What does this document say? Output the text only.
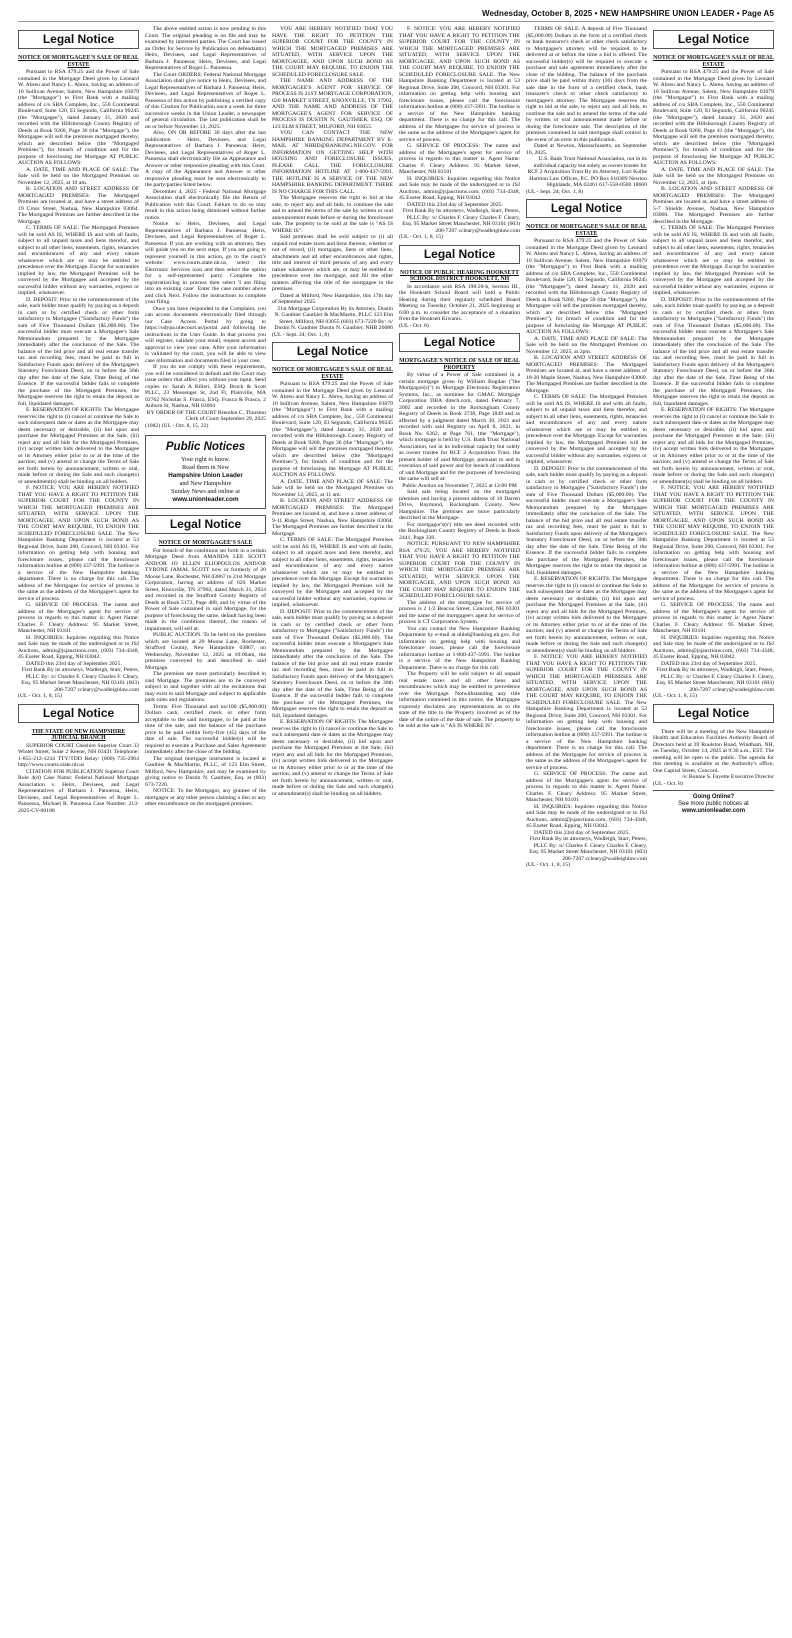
Wednesday, October 8, 2025 • NEW HAMPSHIRE UNION LEADER • Page A5
Legal Notice

NOTICE OF MORTGAGEE'S SALE OF REAL ESTATE

Pursuant to RSA 479:25 and the Power of Sale contained in the Mortgage Deed given by Leonard W. Abreu and Nancy L. Abreu, having an address of 10 Sullivan Avenue, Salem, New Hampshire 03079 (the "Mortgagor") to First Bank with a mailing address of c/o SBA Complete, Inc., 550 Continental Boulevard, Suite 120, El Segundo, California 90245 (the "Mortgagee"), dated January 31, 2020 and recorded with the Hillsborough County Registry of Deeds at Book 9260, Page 36 (the "Mortgage"), the Mortgagee will sell the premises mortgaged thereby, which are described below (the "Mortgaged Premises"), for breach of condition and for the purpose of foreclosing the Mortgage AT PUBLIC AUCTION AS FOLLOWS:

A. DATE, TIME AND PLACE OF SALE: The Sale will be held on the Mortgaged Premises on November 12, 2025, at 10 am.

B. LOCATION AND STREET ADDRESS OF MORTGAGED PREMISES: The Mortgaged Premises are located at, and have a street address of 19 Cross Street, Nashua, New Hampshire 03064. The Mortgaged Premises are further described in the Mortgage.

C. TERMS OF SALE: The Mortgaged Premises will be sold AS IS, WHERE IS and with all faults, subject to all unpaid taxes and liens therefor, and subject to all other liens, easements, rights, tenancies and encumbrances of any and every nature whatsoever which are or may be entitled to precedence over the Mortgage. Except for warranties implied by law, the Mortgaged Premises will be conveyed by the Mortgagee and accepted by the successful bidder without any warranties, express or implied, whatsoever.

D. DEPOSIT: Prior to the commencement of the sale, each bidder must qualify by paying as a deposit in cash or by certified check or other form satisfactory to Mortgagee ("Satisfactory Funds") the sum of Five Thousand Dollars ($5,000.00). The successful bidder must execute a Mortgagee's Sale Memorandum prepared by the Mortgagee immediately after the conclusion of the Sale. The balance of the bid price and all real estate transfer tax and recording fees, must be paid in full in Satisfactory Funds upon delivery of the Mortgagee's Statutory Foreclosure Deed, on or before the 30th day after the date of the Sale, Time Being of the Essence. If the successful bidder fails to complete the purchase of the Mortgaged Premises, the Mortgagee reserves the right to retain the deposit as full, liquidated damages.

E. RESERVATION OF RIGHTS: The Mortgagee reserves the right to (i) cancel or continue the Sale to such subsequent date or dates as the Mortgagee may deem necessary or desirable, (ii) bid upon and purchase the Mortgaged Premises at the Sale, (iii) reject any and all bids for the Mortgaged Premises, (iv) accept written bids delivered to the Mortgagee or its Attorney either prior to or at the time of the auction; and (v) amend or change the Terms of Sale set forth herein by announcement, written or oral, made before or during the Sale and such change(s) or amendment(s) shall be binding on all bidders.

F. NOTICE: YOU ARE HEREBY NOTIFIED THAT YOU HAVE A RIGHT TO PETITION THE SUPERIOR COURT FOR THE COUNTY IN WHICH THE MORTGAGED PREMISES ARE SITUATED, WITH SERVICE UPON THE MORTGAGEE, AND UPON SUCH BOND AS THE COURT MAY REQUIRE, TO ENJOIN THE SCHEDULED FORECLOSURE SALE. The New Hampshire Banking Department is located at 53 Regional Drive, Suite 200, Concord, NH 03301. For information on getting help with housing and foreclosure issues, please call the foreclosure information hotline at (800) 437-5991. The hotline is a service of the New Hampshire banking department. There is no charge for this call. The address of the Mortgagee for service of process is the same as the address of the Mortgagee's agent for service of process.

G. SERVICE OF PROCESS: The name and address of the Mortgagee's agent for service of process in regards to this matter is: Agent Name: Charles F. Cleary Address: 95 Market Street, Manchester, NH 03101

H. INQUIRIES: Inquiries regarding this Notice and Sale may be made of the undersigned or to JSJ Auctions, admin@jsjauctions.com, (603) 734-4348, 45 Exeter Road, Epping, NH 03042.

DATED this 23rd day of September 2025.

First Bank By its attorneys, Wadleigh, Starr, Peters, PLLC By: /s/ Charles F. Cleary Charles F. Cleary, Esq. 95 Market Street Manchester, NH 03101 (603) 206-7207 ccleary@wadleighlaw.com

(UL - Oct. 1, 8, 15)

Legal Notice

THE STATE OF NEW HAMPSHIRE JUDICIAL BRANCH

SUPERIOR COURT Cheshire Superior Court 33 Winter Street, Suite 2 Keene, NH 03431 Telephone: 1-855-212-1234 TTY/TDD Relay: (800) 735-2964 http://www.courts.state.nh.us

CITATION FOR PUBLICATION Superior Court Rule 4(d) Case Name: Federal National Mortgage Association v. Heirs, Devisees, and Legal Representatives of Barbara J. Panoessa, Heirs, Devisees, and Legal Representatives of Roger L. Panoessa, Michael R. Panoessa Case Number: 213-2025-CV-00188

The above entitled action is now pending in this Court. The original pleading is on file and may be examined by interested parties. The Court has issued an Order for Service by Publication on defendant(s) Heirs, Devisees, and Legal Representatives of Barbara J. Panoessa; Heirs, Devisees, and Legal Representatives of Roger L. Panoessa.

The Court ORDERS: Federal National Mortgage Association shall give notice to Heirs, Devisees, and Legal Representatives of Barbara J. Panoessa; Heirs, Devisees, and Legal Representatives of Roger L. Panoessa of this action by publishing a verified copy of this Citation for Publication once a week for three successive weeks in the Union Leader, a newspaper of general circulation. The last publication shall be on or before November 13, 2025.

Also, ON OR BEFORE 30 days after the last publication - Heirs, Devisees, and Legal Representatives of Barbara J. Panoessa; Heirs, Devisees, and Legal Representatives of Roger L. Panoessa shall electronically file an Appearance and Answer or other responsive pleading with this Court. A copy of the Appearance and Answer or other responsive pleading must be sent electronically to the party/parties listed below.

December 4, 2025 - Federal National Mortgage Association shall electronically file the Return of Publication with this Court. Failure to do so may result in this action being dismissed without further notice.

Notice to Heirs, Devisees, and Legal Representatives of Barbara J. Panoessa; Heirs, Devisees, and Legal Representatives of Roger L. Panoessa: If you are working with an attorney, they will guide you on the next steps. If you are going to represent yourself in this action, go to the court's website: www.courts.state.nh.us, select the Electronic Services icon and then select the option for a self-represented party. Complete the registration/log in process then select 'I am filing into an existing case'. Enter the case number above and click Next. Follow the instructions to complete your filing.

Once you have responded to the Complaint, you can access documents electronically filed through our Case Access Portal by going to https://odypa.nhecourt.us/portal and following the instructions in the User Guide. In that process you will register, validate your email, request access and approval to view your case. After your information is validated by the court, you will be able to view case information and documents filed in your case.

If you do not comply with these requirements, you will be considered in default and the Court may issue orders that affect you without your input. Send copies to: Sarah A Billeri, ESQ. Brock & Scott PLLC, 23 Messenger St, 2nd Fl, Plainville, MA 02762 Nicholas S. Frasca, ESQ. Frasca & Frasca, 2 Auburn St, Nashua, NH 03064

BY ORDER OF THE COURT Brendon C. Thurston Clerk of Court September 29, 2025

(1082) (UL - Oct. 8, 15, 22)

Public Notices
Your right to know.
Read them in New
Hampshire Union Leader
and New Hampshire
Sunday News and online at
www.unionleader.com
Legal Notice

NOTICE OF MORTGAGEE'S SALE

For breach of the conditions set forth in a certain Mortgage Deed from AMANDA LEE SCOTT AND/OR JO ELLEN ELIOPOULOS AND/OR TYRONE JAMAL SCOTT now or formerly of 20 Moose Lane, Rochester, NH 03867 to 21st Mortgage Corporation, having an address of 620 Market Street, Knoxville, TN 37902, dated March 21, 2024 and recorded in the Strafford County Registry of Deeds at Book 5173, Page 488, and by virtue of the Power of Sale contained in said Mortgage, for the purpose of foreclosing the same, default having been made in the conditions thereof, the reason of impairment, will sell at:

PUBLIC AUCTION. To be held on the premises which are located at 20 Moose Lane, Rochester, Strafford County, New Hampshire 03867, on Wednesday, November 12, 2025 at 10:00am, the premises conveyed by and described in said Mortgage.

The premises are more particularly described in said Mortgage. The premises are to be conveyed subject to and together with all the recitations that may exist in said Mortgage and subject to applicable park rules and regulations.

Terms: Five Thousand and no/100 ($5,000.00) Dollars cash, certified check or other form acceptable to the said mortgagee, to be paid at the time of the sale, and the balance of the purchase price to be paid within forty-five (45) days of the date of sale. The successful bidder(s) will be required to execute a Purchase and Sales Agreement immediately after the close of the bidding.

The original mortgage instrument is located at Gauthier & MacMartin, PLLC, of 123 Elm Street, Milford, New Hampshire, and may be examined by giving notice to Dustin N. Gauthier, Esq. at (603) 673-7220.

NOTICE: To the Mortgagor, any grantee of the mortgagor or any other person claiming a lien or any other encumbrance on the mortgaged premises:

YOU ARE HEREBY NOTIFIED THAT YOU HAVE THE RIGHT TO PETITION THE SUPERIOR COURT FOR THE COUNTY IN WHICH THE MORTGAGED PREMISES ARE SITUATED, WITH SERVICE UPON THE MORTGAGEE, AND UPON SUCH BOND AS THE COURT MAY REQUIRE, TO ENJOIN THE SCHEDULED FORECLOSURE SALE.

THE NAME AND ADDRESS OF THE MORTGAGEE'S AGENT FOR SERVICE OF PROCESS IS 21ST MORTGAGE CORPORATION, 620 MARKET STREET, KNOXVILLE, TN 37902, AND THE NAME AND ADDRESS OF THE MORTGAGEE'S AGENT FOR SERVICE OF PROCESS IS DUSTIN N. GAUTHIER, ESQ. OF 123 ELM STREET, MILFORD, NH 03055.

YOU CAN CONTACT THE NEW HAMPSHIRE BANKING DEPARTMENT BY E-MAIL AT NHBD@BANKING.NH.GOV. FOR INFORMATION ON GETTING HELP WITH HOUSING AND FORECLOSURE ISSUES, PLEASE CALL THE FORECLOSURE INFORMATION HOTLINE AT 1-800-437-5991. THE HOTLINE IS A SERVICE OF THE NEW HAMPSHIRE BANKING DEPARTMENT. THERE IS NO CHARGE FOR THIS CALL.

The Mortgagee reserves the right to bid at the sale, to reject any and all bids, to continue the sale and to amend the terms of the sale by written or oral announcement made before or during the foreclosure sale. The property to be sold at the sale is "AS IS WHERE IS".

Said premises shall be sold subject to (i) all unpaid real estate taxes and liens thereon, whether or not of record, (ii) mortgages, liens or other liens, attachments and all other encumbrances and rights, title and interest of third persons of any and every nature whatsoever which are, or may be entitled to precedence over the mortgage, and fill the other matters affecting the title of the mortgagee to the premises.

Dated at Milford, New Hampshire, this 17th day of September 2025.

21st Mortgage Corporation By its Attorney, Dustin N. Gauthier Gauthier & MacMartin, PLLC 123 Elm Street, Milford, NH 03055 (603) 673-7220 By: /s/ Dustin N. Gauthier Dustin N. Gauthier, NHB 20086

(UL - Sept. 24; Oct. 1, 8)

Legal Notice

NOTICE OF MORTGAGEE'S SALE OF REAL ESTATE

Pursuant to RSA 479:25 and the Power of Sale contained in the Mortgage Deed given by Leonard W. Abreu and Nancy L. Abreu, having an address of 10 Sullivan Avenue, Salem, New Hampshire 03079 (the "Mortgagor") to First Bank with a mailing address of c/o SBA Complete, Inc., 550 Continental Boulevard, Suite 120, El Segundo, California 90245 (the "Mortgagee"), dated January 31, 2020 and recorded with the Hillsborough County Registry of Deeds at Book 9260, Page 36 (the "Mortgage"), the Mortgagee will sell the premises mortgaged thereby, which are described below (the "Mortgaged Premises"), for breach of condition and for the purpose of foreclosing the Mortgage AT PUBLIC AUCTION AS FOLLOWS:

A. DATE, TIME AND PLACE OF SALE: The Sale will be held on the Mortgaged Premises on November 12, 2025, at 11 am.

B. LOCATION AND STREET ADDRESS OF MORTGAGED PREMISES: The Mortgaged Premises are located at, and have a street address of 9-11 Ridge Street, Nashua, New Hampshire 03064. The Mortgaged Premises are further described in the Mortgage.

C. TERMS OF SALE: The Mortgaged Premises will be sold AS IS, WHERE IS and with all faults, subject to all unpaid taxes and liens therefor, and subject to all other liens, easements, rights, tenancies and encumbrances of any and every nature whatsoever which are or may be entitled to precedence over the Mortgage. Except for warranties implied by law, the Mortgaged Premises will be conveyed by the Mortgagee and accepted by the successful bidder without any warranties, express or implied, whatsoever.

D. DEPOSIT: Prior to the commencement of the sale, each bidder must qualify by paying as a deposit in cash or by certified check or other form satisfactory to Mortgagee ("Satisfactory Funds") the sum of Five Thousand Dollars ($5,000.00). The successful bidder must execute a Mortgagee's Sale Memorandum prepared by the Mortgagee immediately after the conclusion of the Sale. The balance of the bid price and all real estate transfer tax and recording fees, must be paid in full in Satisfactory Funds upon delivery of the Mortgagee's Statutory Foreclosure Deed, on or before the 30th day after the date of the Sale, Time Being of the Essence. If the successful bidder fails to complete the purchase of the Mortgaged Premises, the Mortgagee reserves the right to retain the deposit as full, liquidated damages.

E. RESERVATION OF RIGHTS: The Mortgagee reserves the right to (i) cancel or continue the Sale to such subsequent date or dates as the Mortgagee may deem necessary or desirable, (ii) bid upon and purchase the Mortgaged Premises at the Sale, (iii) reject any and all bids for the Mortgaged Premises, (iv) accept written bids delivered to the Mortgagee or its Attorney either prior to or at the time of the auction; and (v) amend or change the Terms of Sale set forth herein by announcement, written or oral, made before or during the Sale and such change(s) or amendment(s) shall be binding on all bidders.

F. NOTICE: YOU ARE HEREBY NOTIFIED THAT YOU HAVE A RIGHT TO PETITION THE SUPERIOR COURT FOR THE COUNTY IN WHICH THE MORTGAGED PREMISES ARE SITUATED, WITH SERVICE UPON THE MORTGAGEE, AND UPON SUCH BOND AS THE COURT MAY REQUIRE, TO ENJOIN THE SCHEDULED FORECLOSURE SALE. The New Hampshire Banking Department is located at 53 Regional Drive, Suite 200, Concord, NH 03301. For information on getting help with housing and foreclosure issues, please call the foreclosure information hotline at (800) 437-5991. The hotline is a service of the New Hampshire banking department. There is no charge for this call. The address of the Mortgagee for service of process is the same as the address of the Mortgagee's agent for service of process.

G. SERVICE OF PROCESS: The name and address of the Mortgagee's agent for service of process in regards to this matter is: Agent Name: Charles F. Cleary Address: 95 Market Street, Manchester, NH 03101

H. INQUIRIES: Inquiries regarding this Notice and Sale may be made of the undersigned or to JSJ Auctions, admin@jsjauctions.com, (603) 734-4348, 45 Exeter Road, Epping, NH 03042.

DATED this 23rd day of September 2025.

First Bank By its attorneys, Wadleigh, Starr, Peters, PLLC By: /s/ Charles F. Cleary Charles F. Cleary, Esq. 95 Market Street Manchester, NH 03101 (603) 206-7207 ccleary@wadleighlaw.com

(UL - Oct. 1, 8, 15)

Legal Notice

NOTICE OF PUBLIC HEARING HOOKSETT SCHOOL DISTRICT HOOKSETT, NH

In accordance with RSA 198:20-b, Section III., the Hooksett School Board will hold a Public Hearing during their regularly scheduled Board Meeting on Tuesday, October 21, 2025 beginning at 6:00 p.m. to consider the acceptance of a donation from the Hooksett Kiwanis.

(UL - Oct. 8)

Legal Notice

MORTGAGEE'S NOTICE OF SALE OF REAL PROPERTY

By virtue of a Power of Sale contained in a certain mortgage given by William Bogdan ("the Mortgagor(s)") to Mortgage Electronic Registration Systems, Inc., as nominee for GMAC Mortgage Corporation DBA ditech.com, dated February 7, 2002 and recorded in the Rockingham County Registry of Deeds in Book 3738, Page 1849 and as affected by a judgment dated March 30, 2021 and recorded with said Registry on April 8, 2021, in Book No. 6262, at Page 761, (the "Mortgage"), which mortgage is held by U.S. Bank Trust National Association, not in its individual capacity but solely as owner trustee for RCF 2 Acquisition Trust, the present holder of said Mortgage, pursuant to and in execution of said power and for breach of conditions of said Mortgage and for the purposes of foreclosing the same will sell at:

Public Auction on November 7, 2025 at 12:00 PM

Said sale being located on the mortgaged premises and having a present address of 10 Darren Drive, Raymond, Rockingham County, New Hampshire. The premises are more particularly described in the Mortgage.

For mortgagor's(s') title see deed recorded with the Rockingham County Registry of Deeds in Book 2441, Page 336.

NOTICE: PURSUANT TO NEW HAMPSHIRE RSA 479:25, YOU ARE HEREBY NOTIFIED THAT YOU HAVE A RIGHT TO PETITION THE SUPERIOR COURT FOR THE COUNTY IN WHICH THE MORTGAGED PREMISES ARE SITUATED, WITH SERVICE UPON THE MORTGAGEE, AND UPON SUCH BOND AS THE COURT MAY REQUIRE TO ENJOIN THE SCHEDULED FORECLOSURE SALE.

The address of the mortgagee for service of process is 2 1/2 Beacon Street, Concord, NH 03301 and the name of the mortgagee's agent for service of process is CT Corporation System.

You can contact the New Hampshire Banking Department by e-mail at nhbd@banking.nh.gov. For information on getting help with housing and foreclosure issues, please call the foreclosure information hotline at 1-800-437-5991. The hotline is a service of the New Hampshire Banking Department. There is no charge for this call.

The Property will be sold subject to all unpaid real estate taxes and all other liens and encumbrances which may be entitled to precedence over the Mortgage. Notwithstanding any title information contained in this notice, the Mortgagee expressly disclaims any representations as to the state of the title to the Property involved as of the date of the notice of the date of sale. The property to be sold at the sale is "AS IS WHERE IS".

TERMS OF SALE: A deposit of Five Thousand ($5,000.00) Dollars in the form of a certified check or bank treasurer's check or other check satisfactory to Mortgagee's attorney will be required to be delivered at or before the time a bid is offered. The successful bidder(s) will be required to execute a purchase and sale agreement immediately after the close of the bidding. The balance of the purchase price shall be paid within thirty (30) days from the sale date in the form of a certified check, bank treasurer's check or other check satisfactory to mortgagee's attorney. The Mortgagee reserves the right to bid at the sale, to reject any and all bids, to continue the sale and to amend the terms of the sale by written or oral announcement made before or during the foreclosure sale. The description of the premises contained in said mortgage shall control in the event of an error in this publication.

Dated at Newton, Massachusetts, on September 16, 2025.

U.S. Bank Trust National Association, not in its individual capacity but solely as owner trustee for RCF 2 Acquisition Trust By its Attorney, Lori Kolbe Harmon Law Offices, P.C. PO Box 610389 Newton Highlands, MA 02461 617-558-0500 18660

(UL - Sept. 24; Oct. 1, 8)

Legal Notice

NOTICE OF MORTGAGEE'S SALE OF REAL ESTATE

Pursuant to RSA 479:25 and the Power of Sale contained in the Mortgage Deed given by Leonard W. Abreu and Nancy L. Abreu, having an address of 10 Sullivan Avenue, Salem, New Hampshire 03079 (the "Mortgagor") to First Bank with a mailing address of c/o SBA Complete, Inc., 550 Continental Boulevard, Suite 120, El Segundo, California 90245 (the "Mortgagee"), dated January 31, 2020 and recorded with the Hillsborough County Registry of Deeds at Book 9260, Page 59 (the "Mortgage"), the Mortgagee will sell the premises mortgaged thereby, which are described below (the "Mortgaged Premises"), for breach of condition and for the purpose of foreclosing the Mortgage AT PUBLIC AUCTION AS FOLLOWS:

A. DATE, TIME AND PLACE OF SALE: The Sale will be held on the Mortgaged Premises on November 12, 2025, at 2pm.

B. LOCATION AND STREET ADDRESS OF MORTGAGED PREMISES: The Mortgaged Premises are located at, and have a street address of 18-20 Maple Street, Nashua, New Hampshire 03060. The Mortgaged Premises are further described in the Mortgage.

C. TERMS OF SALE: The Mortgaged Premises will be sold AS IS, WHERE IS and with all faults, subject to all unpaid taxes and liens therefor, and subject to all other liens, easements, rights, tenancies and encumbrances of any and every nature whatsoever which are or may be entitled to precedence over the Mortgage. Except for warranties implied by law, the Mortgaged Premises will be conveyed by the Mortgagee and accepted by the successful bidder without any warranties, express or implied, whatsoever.

D. DEPOSIT: Prior to the commencement of the sale, each bidder must qualify by paying as a deposit in cash or by certified check or other form satisfactory to Mortgagee ("Satisfactory Funds") the sum of Five Thousand Dollars ($5,000.00). The successful bidder must execute a Mortgagee's Sale Memorandum prepared by the Mortgagee immediately after the conclusion of the Sale. The balance of the bid price and all real estate transfer tax and recording fees, must be paid in full in Satisfactory Funds upon delivery of the Mortgagee's Statutory Foreclosure Deed, on or before the 30th day after the date of the Sale, Time Being of the Essence. If the successful bidder fails to complete the purchase of the Mortgaged Premises, the Mortgagee reserves the right to retain the deposit as full, liquidated damages.

E. RESERVATION OF RIGHTS: The Mortgagee reserves the right to (i) cancel or continue the Sale to such subsequent date or dates as the Mortgagee may deem necessary or desirable, (ii) bid upon and purchase the Mortgaged Premises at the Sale, (iii) reject any and all bids for the Mortgaged Premises, (iv) accept written bids delivered to the Mortgagee or its Attorney either prior to or at the time of the auction; and (v) amend or change the Terms of Sale set forth herein by announcement, written or oral, made before or during the Sale and such change(s) or amendment(s) shall be binding on all bidders.

F. NOTICE: YOU ARE HEREBY NOTIFIED THAT YOU HAVE A RIGHT TO PETITION THE SUPERIOR COURT FOR THE COUNTY IN WHICH THE MORTGAGED PREMISES ARE SITUATED, WITH SERVICE UPON THE MORTGAGEE, AND UPON SUCH BOND AS THE COURT MAY REQUIRE, TO ENJOIN THE SCHEDULED FORECLOSURE SALE. The New Hampshire Banking Department is located at 53 Regional Drive, Suite 200, Concord, NH 03301. For information on getting help with housing and foreclosure issues, please call the foreclosure information hotline at (800) 437-5991. The hotline is a service of the New Hampshire banking department. There is no charge for this call. The address of the Mortgagee for service of process is the same as the address of the Mortgagee's agent for service of process.

G. SERVICE OF PROCESS: The name and address of the Mortgagee's agent for service of process in regards to this matter is: Agent Name: Charles F. Cleary Address: 95 Market Street, Manchester, NH 03101

H. INQUIRIES: Inquiries regarding this Notice and Sale may be made of the undersigned or to JSJ Auctions, admin@jsjauctions.com, (603) 734-4348, 45 Exeter Road, Epping, NH 03042.

DATED this 23rd day of September 2025.

First Bank By its attorneys, Wadleigh, Starr, Peters, PLLC By: /s/ Charles F. Cleary Charles F. Cleary, Esq. 95 Market Street Manchester, NH 03101 (603) 206-7207 ccleary@wadleighlaw.com

(UL - Oct. 1, 8, 15)

Legal Notice

NOTICE OF MORTGAGEE'S SALE OF REAL ESTATE

Pursuant to RSA 479:25 and the Power of Sale contained in the Mortgage Deed given by Leonard W. Abreu and Nancy L. Abreu, having an address of 10 Sullivan Avenue, Salem, New Hampshire 03079 (the "Mortgagor") to First Bank with a mailing address of c/o SBA Complete, Inc., 550 Continental Boulevard, Suite 120, El Segundo, California 90245 (the "Mortgagee"), dated January 31, 2020 and recorded with the Hillsborough County Registry of Deeds at Book 9260, Page 41 (the "Mortgage"), the Mortgagee will sell the premises mortgaged thereby, which are described below (the "Mortgaged Premises"), for breach of condition and for the purpose of foreclosing the Mortgage AT PUBLIC AUCTION AS FOLLOWS:

A. DATE, TIME AND PLACE OF SALE: The Sale will be held on the Mortgaged Premises on November 12, 2025, at 1pm.

B. LOCATION AND STREET ADDRESS OF MORTGAGED PREMISES: The Mortgaged Premises are located at, and have a street address of 5-7 Shields Avenue, Nashua, New Hampshire 03060. The Mortgaged Premises are further described in the Mortgage.

C. TERMS OF SALE: The Mortgaged Premises will be sold AS IS, WHERE IS and with all faults, subject to all unpaid taxes and liens therefor, and subject to all other liens, easements, rights, tenancies and encumbrances of any and every nature whatsoever which are or may be entitled to precedence over the Mortgage. Except for warranties implied by law, the Mortgaged Premises will be conveyed by the Mortgagee and accepted by the successful bidder without any warranties, express or implied, whatsoever.

D. DEPOSIT: Prior to the commencement of the sale, each bidder must qualify by paying as a deposit in cash or by certified check or other form satisfactory to Mortgagee ("Satisfactory Funds") the sum of Five Thousand Dollars ($5,000.00). The successful bidder must execute a Mortgagee's Sale Memorandum prepared by the Mortgagee immediately after the conclusion of the Sale. The balance of the bid price and all real estate transfer tax and recording fees, must be paid in full in Satisfactory Funds upon delivery of the Mortgagee's Statutory Foreclosure Deed, on or before the 30th day after the date of the Sale, Time Being of the Essence. If the successful bidder fails to complete the purchase of the Mortgaged Premises, the Mortgagee reserves the right to retain the deposit as full, liquidated damages.

E. RESERVATION OF RIGHTS: The Mortgagee reserves the right to (i) cancel or continue the Sale to such subsequent date or dates as the Mortgagee may deem necessary or desirable, (ii) bid upon and purchase the Mortgaged Premises at the Sale, (iii) reject any and all bids for the Mortgaged Premises, (iv) accept written bids delivered to the Mortgagee or its Attorney either prior to or at the time of the auction; and (v) amend or change the Terms of Sale set forth herein by announcement, written or oral, made before or during the Sale and such change(s) or amendment(s) shall be binding on all bidders.

F. NOTICE: YOU ARE HEREBY NOTIFIED THAT YOU HAVE A RIGHT TO PETITION THE SUPERIOR COURT FOR THE COUNTY IN WHICH THE MORTGAGED PREMISES ARE SITUATED, WITH SERVICE UPON THE MORTGAGEE, AND UPON SUCH BOND AS THE COURT MAY REQUIRE, TO ENJOIN THE SCHEDULED FORECLOSURE SALE. The New Hampshire Banking Department is located at 53 Regional Drive, Suite 200, Concord, NH 03301. For information on getting help with housing and foreclosure issues, please call the foreclosure information hotline at (800) 437-5991. The hotline is a service of the New Hampshire banking department. There is no charge for this call. The address of the Mortgagee for service of process is the same as the address of the Mortgagee's agent for service of process.

G. SERVICE OF PROCESS: The name and address of the Mortgagee's agent for service of process in regards to this matter is: Agent Name: Charles F. Cleary Address: 95 Market Street, Manchester, NH 03101

H. INQUIRIES: Inquiries regarding this Notice and Sale may be made of the undersigned or to JSJ Auctions, admin@jsjauctions.com, (603) 734-4348, 45 Exeter Road, Epping, NH 03042.

DATED this 23rd day of September 2025.

First Bank By its attorneys, Wadleigh, Starr, Peters, PLLC By: /s/ Charles F. Cleary Charles F. Cleary, Esq. 95 Market Street Manchester, NH 03101 (603) 206-7207 ccleary@wadleighlaw.com

(UL - Oct. 1, 8, 15)

Legal Notice

There will be a meeting of the New Hampshire Health and Education Facilities Authority Board of Directors held at 39 Roulston Road, Windham, NH, on Tuesday, October 14, 2025 at 9:30 a.m., EST. The meeting will be open to the public. The agenda for this meeting is available at the Authority's office, One Capital Street, Concord.

/s/ Bonnie S. Fayette Executive Director

(UL - Oct. 8)

Going Online?
See more public notices at

www.unionleader.com
